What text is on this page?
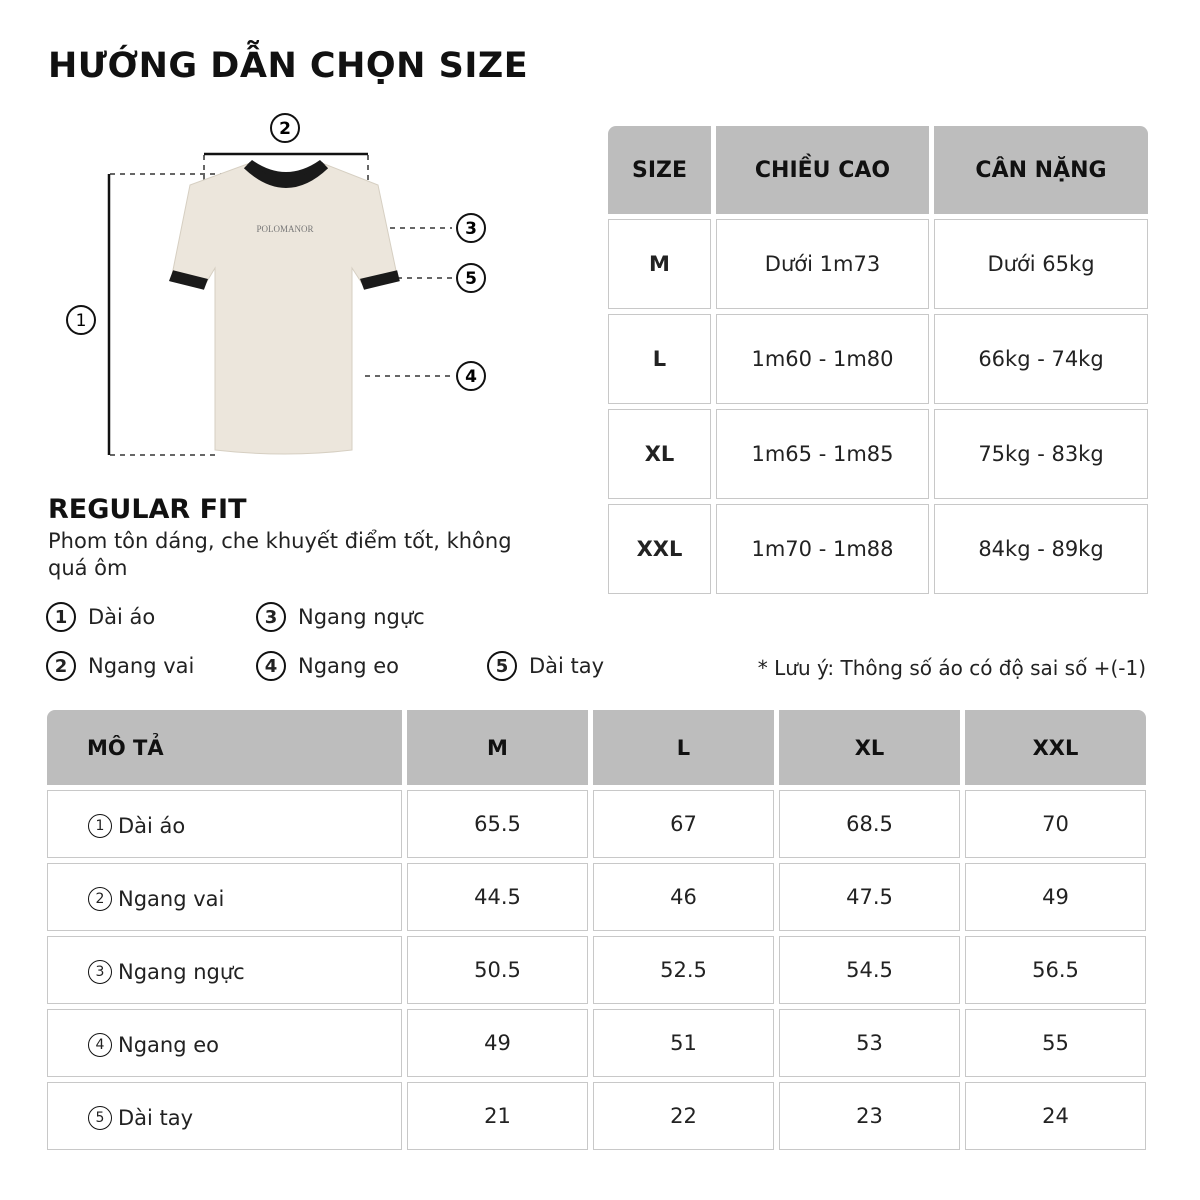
HƯỚNG DẪN CHỌN SIZE
POLOMANOR
2
1
3
5
4
REGULAR FIT
Phom tôn dáng, che khuyết điểm tốt, không quá ôm
1 Dài áo	3 Ngang ngực
2 Ngang vai	4 Ngang eo	5 Dài tay	* Lưu ý: Thông số áo có độ sai số +(-1)
SIZE	CHIỀU CAO	CÂN NẶNG
M	Dưới 1m73	Dưới 65kg
L	1m60 - 1m80	66kg - 74kg
XL	1m65 - 1m85	75kg - 83kg
XXL	1m70 - 1m88	84kg - 89kg
MÔ TẢ	M	L	XL	XXL

1 Dài áo	65.5	67	68.5	70

2 Ngang vai	44.5	46	47.5	49

3 Ngang ngực	50.5	52.5	54.5	56.5

4 Ngang eo	49	51	53	55

5 Dài tay	21	22	23	24
